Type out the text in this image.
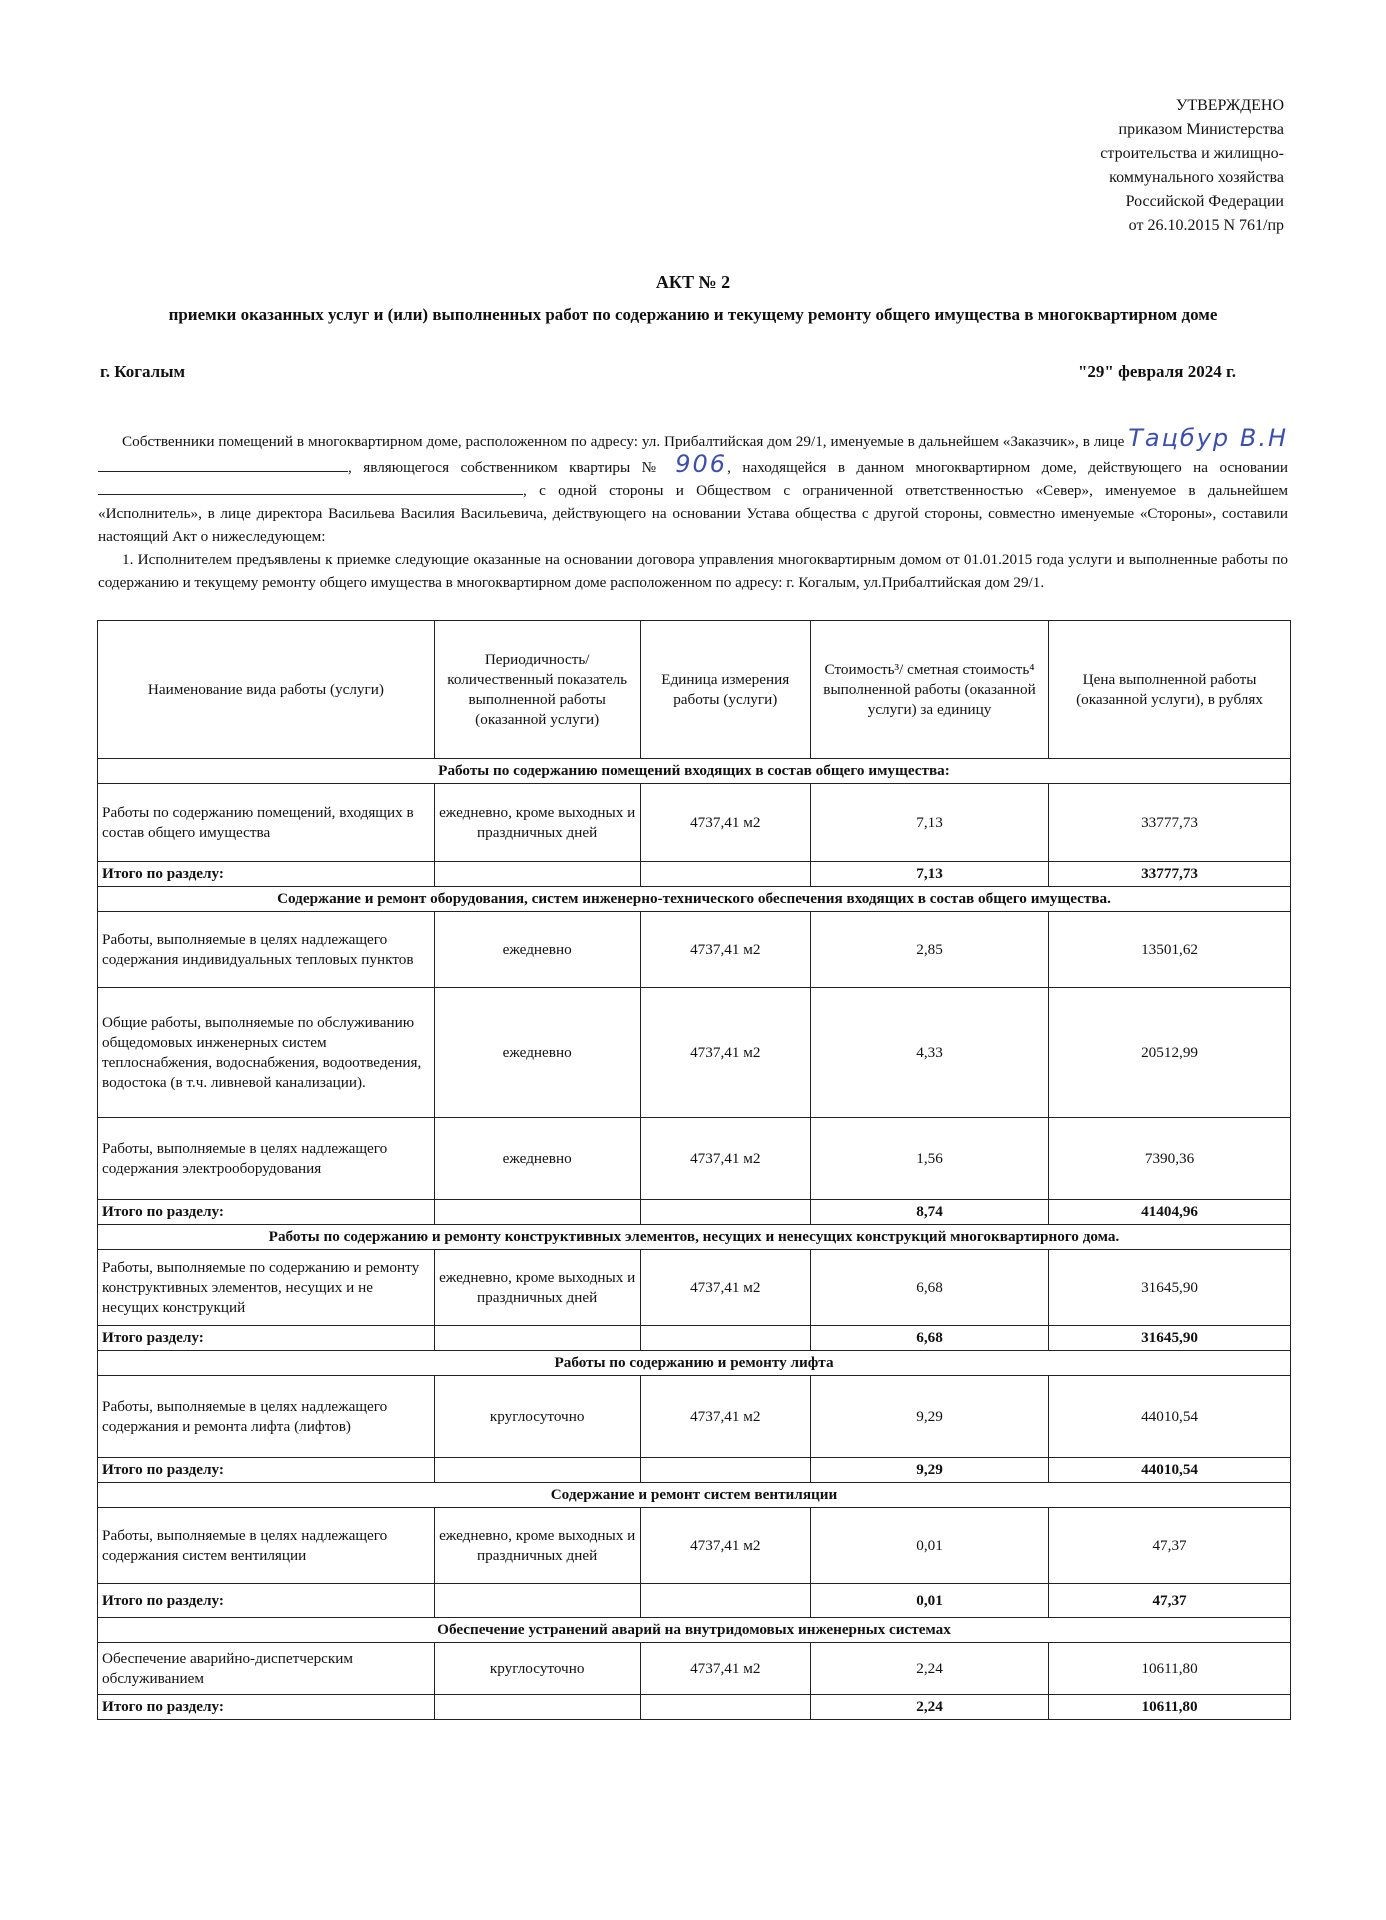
УТВЕРЖДЕНО
приказом Министерства
строительства и жилищно-
коммунального хозяйства
Российской Федерации
от 26.10.2015 N 761/пр
АКТ № 2
приемки оказанных услуг и (или) выполненных работ по содержанию и текущему ремонту общего имущества в многоквартирном доме
г. Когалым	"29" февраля 2024 г.

Собственники помещений в многоквартирном доме, расположенном по адресу: ул. Прибалтийская дом 29/1, именуемые в дальнейшем «Заказчик», в лице Тацбур В.Н , являющегося собственником квартиры № 906, находящейся в данном многоквартирном доме, действующего на основании , с одной стороны и Обществом с ограниченной ответственностью «Север», именуемое в дальнейшем «Исполнитель», в лице директора Васильева Василия Васильевича, действующего на основании Устава общества с другой стороны, совместно именуемые «Стороны», составили настоящий Акт о нижеследующем:

1. Исполнителем предъявлены к приемке следующие оказанные на основании договора управления многоквартирным домом от 01.01.2015 года услуги и выполненные работы по содержанию и текущему ремонту общего имущества в многоквартирном доме расположенном по адресу: г. Когалым, ул.Прибалтийская дом 29/1.

Наименование вида работы (услуги)	Периодичность/ количественный показатель выполненной работы (оказанной услуги)	Единица измерения работы (услуги)	Стоимость³/ сметная стоимость⁴ выполненной работы (оказанной услуги) за единицу	Цена выполненной работы (оказанной услуги), в рублях
Работы по содержанию помещений входящих в состав общего имущества:				
Работы по содержанию помещений, входящих в состав общего имущества	ежедневно, кроме выходных и праздничных дней	4737,41 м2	7,13	33777,73
Итого по разделу:			7,13	33777,73
Содержание и ремонт оборудования, систем инженерно-технического обеспечения входящих в состав общего имущества.				
Работы, выполняемые в целях надлежащего содержания индивидуальных тепловых пунктов	ежедневно	4737,41 м2	2,85	13501,62
Общие работы, выполняемые по обслуживанию общедомовых инженерных систем теплоснабжения, водоснабжения, водоотведения, водостока (в т.ч. ливневой канализации).	ежедневно	4737,41 м2	4,33	20512,99
Работы, выполняемые в целях надлежащего содержания электрооборудования	ежедневно	4737,41 м2	1,56	7390,36
Итого по разделу:			8,74	41404,96
Работы по содержанию и ремонту конструктивных элементов, несущих и ненесущих конструкций многоквартирного дома.				
Работы, выполняемые по содержанию и ремонту конструктивных элементов, несущих и не несущих конструкций	ежедневно, кроме выходных и праздничных дней	4737,41 м2	6,68	31645,90
Итого разделу:			6,68	31645,90
Работы по содержанию и ремонту лифта				
Работы, выполняемые в целях надлежащего содержания и ремонта лифта (лифтов)	круглосуточно	4737,41 м2	9,29	44010,54
Итого по разделу:			9,29	44010,54
Содержание и ремонт систем вентиляции				
Работы, выполняемые в целях надлежащего содержания систем вентиляции	ежедневно, кроме выходных и праздничных дней	4737,41 м2	0,01	47,37
Итого по разделу:			0,01	47,37
Обеспечение устранений аварий на внутридомовых инженерных системах				
Обеспечение аварийно-диспетчерским обслуживанием	круглосуточно	4737,41 м2	2,24	10611,80
Итого по разделу:			2,24	10611,80
